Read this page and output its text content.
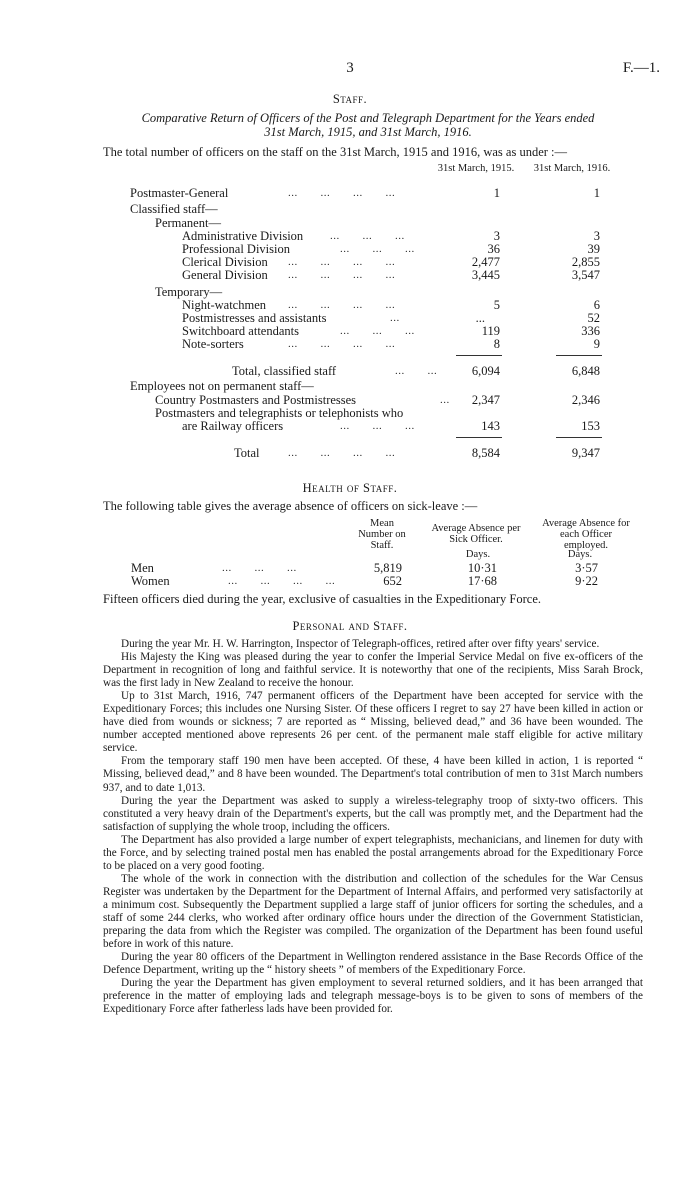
3	F.—1.
Staff.
Comparative Return of Officers of the Post and Telegraph Department for the Years ended
31st March, 1915, and 31st March, 1916.
The total number of officers on the staff on the 31st March, 1915 and 1916, was as under :—
31st March, 1915. 31st March, 1916.
Postmaster-General	...       ...       ...       ...	1	1
Classified staff—
Permanent—
Administrative Division ...       ...       ...	3	3
Professional Division	...       ...       ...	36	39
Clerical Division ...       ...       ...       ...	2,477	2,855
General Division ...       ...       ...       ...	3,445	3,547
Temporary—
Night-watchmen ...       ...       ...       ...	5	6
Postmistresses and assistants	...	...	52
Switchboard attendants	...       ...       ...	119	336
Note-sorters	...       ...       ...       ...	8	9
Total, classified staff	...       ...	6,094	6,848
Employees not on permanent staff—
Country Postmasters and Postmistresses	...	2,347	2,346
Postmasters and telegraphists or telephonists who
are Railway officers	...       ...       ...	143	153
Total	...       ...       ...       ...	8,584	9,347
Health of Staff.
The following table gives the average absence of officers on sick-leave :—
Mean Number on Staff.
Average Absence per Sick Officer.
Average Absence for each Officer employed.
Days.	Days.
Men	...       ...       ...	5,819	10·31	3·57
Women	...       ...       ...       ...	652	17·68	9·22
Fifteen officers died during the year, exclusive of casualties in the Expeditionary Force.
Personal and Staff.

During the year Mr. H. W. Harrington, Inspector of Telegraph-offices, retired after over fifty years' service.

His Majesty the King was pleased during the year to confer the Imperial Service Medal on five ex-officers of the Department in recognition of long and faithful service. It is noteworthy that one of the recipients, Miss Sarah Brock, was the first lady in New Zealand to receive the honour.

Up to 31st March, 1916, 747 permanent officers of the Department have been accepted for service with the Expeditionary Forces; this includes one Nursing Sister. Of these officers I regret to say 27 have been killed in action or have died from wounds or sickness; 7 are reported as “ Missing, believed dead,” and 36 have been wounded. The number accepted mentioned above represents 26 per cent. of the permanent male staff eligible for active military service.

From the temporary staff 190 men have been accepted. Of these, 4 have been killed in action, 1 is reported “ Missing, believed dead,” and 8 have been wounded. The Department's total contribution of men to 31st March numbers 937, and to date 1,013.

During the year the Department was asked to supply a wireless-telegraphy troop of sixty-two officers. This constituted a very heavy drain of the Department's experts, but the call was promptly met, and the Department had the satisfaction of supplying the whole troop, including the officers.

The Department has also provided a large number of expert telegraphists, mechanicians, and linemen for duty with the Force, and by selecting trained postal men has enabled the postal arrangements abroad for the Expeditionary Force to be placed on a very good footing.

The whole of the work in connection with the distribution and collection of the schedules for the War Census Register was undertaken by the Department for the Department of Internal Affairs, and performed very satisfactorily at a minimum cost. Subsequently the Department supplied a large staff of junior officers for sorting the schedules, and a staff of some 244 clerks, who worked after ordinary office hours under the direction of the Government Statistician, preparing the data from which the Register was compiled. The organization of the Department has been found useful before in work of this nature.

During the year 80 officers of the Department in Wellington rendered assistance in the Base Records Office of the Defence Department, writing up the “ history sheets ” of members of the Expeditionary Force.

During the year the Department has given employment to several returned soldiers, and it has been arranged that preference in the matter of employing lads and telegraph message-boys is to be given to sons of members of the Expeditionary Force after fatherless lads have been provided for.
